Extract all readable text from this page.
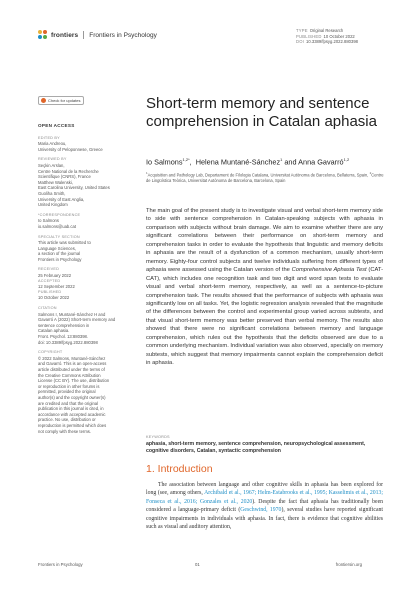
frontiers Frontiers in Psychology
TYPE Original Research
PUBLISHED 10 October 2022
DOI 10.3389/fpsyg.2022.880398
Check for updates
OPEN ACCESS
EDITED BY
Maria Andreou,
University of Peloponnese, Greece
REVIEWED BY
Seçkin Arslan,
Centre National de la Recherche
Scientifique (CNRS), France
Matthew Walenski,
East Carolina University, United States
Guoliha Smith,
University of East Anglia,
United Kingdom
*CORRESPONDENCE
Io Salmons
io.salmons@uab.cat
SPECIALTY SECTION
This article was submitted to
Language Sciences,
a section of the journal
Frontiers in Psychology
RECEIVED
25 February 2022
ACCEPTED
12 September 2022
PUBLISHED
10 October 2022
CITATION
Salmons I, Muntané-Sánchez H and
Gavarró A (2022) Short-term memory and
sentence comprehension in
Catalan aphasia.
Front. Psychol. 13:880398.
doi: 10.3389/fpsyg.2022.880398
COPYRIGHT
© 2022 Salmons, Muntané-Sánchez
and Gavarró. This is an open-access
article distributed under the terms of
the Creative Commons Attribution
License (CC BY). The use, distribution
or reproduction in other forums is
permitted, provided the original
author(s) and the copyright owner(s)
are credited and that the original
publication in this journal is cited, in
accordance with accepted academic
practice. No use, distribution or
reproduction is permitted which does
not comply with these terms.
Short-term memory and sentence comprehension in Catalan aphasia
Io Salmons$^{1,2*}$,  Helena Muntané-Sánchez$^1$ and Anna Gavarró$^{1,2}$
$^1$Acquisition and Pathology Lab, Departament de Filologia Catalana, Universitat Autònoma de Barcelona, Bellaterra, Spain, $^2$Centre de Lingüística Teòrica, Universitat Autònoma de Barcelona, Barcelona, Spain
The main goal of the present study is to investigate visual and verbal short-term memory side to side with sentence comprehension in Catalan-speaking subjects with aphasia in comparison with subjects without brain damage. We aim to examine whether there are any significant correlations between their performance on short-term memory and comprehension tasks in order to evaluate the hypothesis that linguistic and memory deficits in aphasia are the result of a dysfunction of a common mechanism, usually short-term memory. Eighty-four control subjects and twelve individuals suffering from different types of aphasia were assessed using the Catalan version of the Comprehensive Aphasia Test (CAT-CAT), which includes one recognition task and two digit and word span tests to evaluate visual and verbal short-term memory, respectively, as well as a sentence-to-picture comprehension task. The results showed that the performance of subjects with aphasia was significantly low on all tasks. Yet, the logistic regression analysis revealed that the magnitude of the differences between the control and experimental group varied across subtests, and that visual short-term memory was better preserved than verbal memory. The results also showed that there were no significant correlations between memory and language comprehension, which rules out the hypothesis that the deficits observed are due to a common underlying mechanism. Individual variation was also observed, specially on memory subtests, which suggest that memory impairments cannot explain the comprehension deficit in aphasia.
KEYWORDS
aphasia, short-term memory, sentence comprehension, neuropsychological assessment, cognitive disorders, Catalan, syntactic comprehension
1. Introduction
The association between language and other cognitive skills in aphasia has been explored for long (see, among others, Archibald et al., 1967; Helm-Estabrooks et al., 1995; Kasselimis et al., 2013; Fonseca et al., 2016; Gonzales et al., 2020). Despite the fact that aphasia has traditionally been considered a language-primary deficit (Geschwind, 1970), several studies have reported significant cognitive impairments in individuals with aphasia. In fact, there is evidence that cognitive abilities such as visual and auditory attention,
Frontiers in Psychology	01	frontiersin.org
